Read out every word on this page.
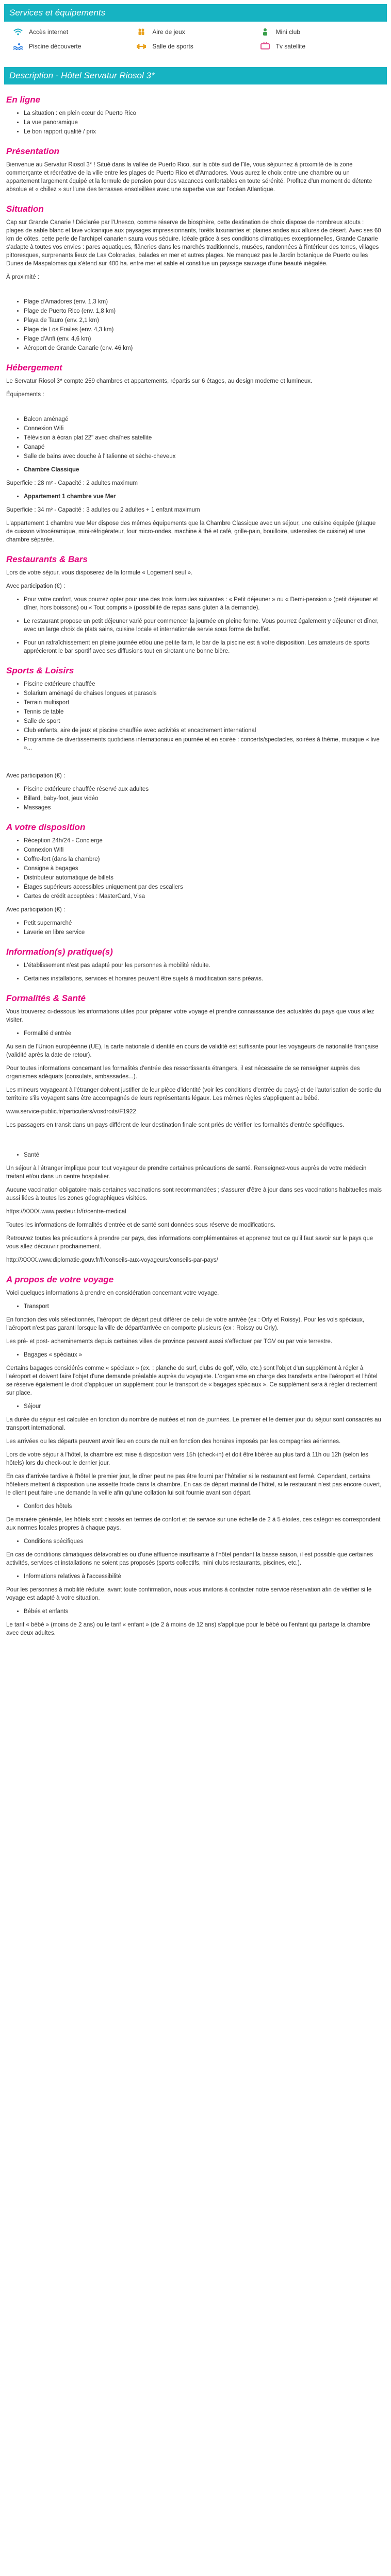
Services et équipements
Accès internet	Aire de jeux	Mini club
Piscine découverte	Salle de sports	Tv satellite
Description - Hôtel Servatur Riosol 3*
En ligne
• La situation : en plein cœur de Puerto Rico
• La vue panoramique
• Le bon rapport qualité / prix
Présentation

Bienvenue au Servatur Riosol 3* ! Situé dans la vallée de Puerto Rico, sur la côte sud de l'île, vous séjournez à proximité de la zone commerçante et récréative de la ville entre les plages de Puerto Rico et d'Amadores. Vous aurez le choix entre une chambre ou un appartement largement équipé et la formule de pension pour des vacances confortables en toute sérénité. Profitez d'un moment de détente absolue et « chillez » sur l'une des terrasses ensoleillées avec une superbe vue sur l'océan Atlantique.

Situation

Cap sur Grande Canarie ! Déclarée par l'Unesco, comme réserve de biosphère, cette destination de choix dispose de nombreux atouts : plages de sable blanc et lave volcanique aux paysages impressionnants, forêts luxuriantes et plaines arides aux allures de désert. Avec ses 60 km de côtes, cette perle de l'archipel canarien saura vous séduire. Idéale grâce à ses conditions climatiques exceptionnelles, Grande Canarie s'adapte à toutes vos envies : parcs aquatiques, flâneries dans les marchés traditionnels, musées, randonnées à l'intérieur des terres, villages pittoresques, surprenants lieux de Las Coloradas, balades en mer et autres plages. Ne manquez pas le Jardin botanique de Puerto ou les Dunes de Maspalomas qui s'étend sur 400 ha. entre mer et sable et constitue un paysage sauvage d'une beauté inégalée.

À proximité :

• Plage d'Amadores (env. 1,3 km)
• Plage de Puerto Rico (env. 1,8 km)
• Playa de Tauro (env. 2,1 km)
• Plage de Los Frailes (env. 4,3 km)
• Plage d'Anfi (env. 4,6 km)
• Aéroport de Grande Canarie (env. 46 km)
Hébergement

Le Servatur Riosol 3* compte 259 chambres et appartements, répartis sur 6 étages, au design moderne et lumineux.

Équipements :

• Balcon aménagé
• Connexion Wifi
• Télévision à écran plat 22" avec chaînes satellite
• Canapé
• Salle de bains avec douche à l'italienne et sèche-cheveux
• Chambre Classique

Superficie : 28 m² - Capacité : 2 adultes maximum

• Appartement 1 chambre vue Mer

Superficie : 34 m² - Capacité : 3 adultes ou 2 adultes + 1 enfant maximum

L'appartement 1 chambre vue Mer dispose des mêmes équipements que la Chambre Classique avec un séjour, une cuisine équipée (plaque de cuisson vitrocéramique, mini-réfrigérateur, four micro-ondes, machine à thé et café, grille-pain, bouilloire, ustensiles de cuisine) et une chambre séparée.

Restaurants & Bars

Lors de votre séjour, vous disposerez de la formule « Logement seul ».

Avec participation (€) :

• Pour votre confort, vous pourrez opter pour une des trois formules suivantes : « Petit déjeuner » ou « Demi-pension » (petit déjeuner et dîner, hors boissons) ou « Tout compris » (possibilité de repas sans gluten à la demande).
• Le restaurant propose un petit déjeuner varié pour commencer la journée en pleine forme. Vous pourrez également y déjeuner et dîner, avec un large choix de plats sains, cuisine locale et internationale servie sous forme de buffet.
• Pour un rafraîchissement en pleine journée et/ou une petite faim, le bar de la piscine est à votre disposition. Les amateurs de sports apprécieront le bar sportif avec ses diffusions tout en sirotant une bonne bière.
Sports & Loisirs
• Piscine extérieure chauffée
• Solarium aménagé de chaises longues et parasols
• Terrain multisport
• Tennis de table
• Salle de sport
• Club enfants, aire de jeux et piscine chauffée avec activités et encadrement international
• Programme de divertissements quotidiens internationaux en journée et en soirée : concerts/spectacles, soirées à thème, musique « live »...

Avec participation (€) :

• Piscine extérieure chauffée réservé aux adultes
• Billard, baby-foot, jeux vidéo
• Massages
A votre disposition
• Réception 24h/24 - Concierge
• Connexion Wifi
• Coffre-fort (dans la chambre)
• Consigne à bagages
• Distributeur automatique de billets
• Étages supérieurs accessibles uniquement par des escaliers
• Cartes de crédit acceptées : MasterCard, Visa

Avec participation (€) :

• Petit supermarché
• Laverie en libre service
Information(s) pratique(s)
• L'établissement n'est pas adapté pour les personnes à mobilité réduite.
• Certaines installations, services et horaires peuvent être sujets à modification sans préavis.
Formalités & Santé

Vous trouverez ci-dessous les informations utiles pour préparer votre voyage et prendre connaissance des actualités du pays que vous allez visiter.

• Formalité d'entrée

Au sein de l'Union européenne (UE), la carte nationale d'identité en cours de validité est suffisante pour les voyageurs de nationalité française (validité après la date de retour).

Pour toutes informations concernant les formalités d'entrée des ressortissants étrangers, il est nécessaire de se renseigner auprès des organismes adéquats (consulats, ambassades...).

Les mineurs voyageant à l'étranger doivent justifier de leur pièce d'identité (voir les conditions d'entrée du pays) et de l'autorisation de sortie du territoire s'ils voyagent sans être accompagnés de leurs représentants légaux. Les mêmes règles s'appliquent au bébé.

www.service-public.fr/particuliers/vosdroits/F1922

Les passagers en transit dans un pays différent de leur destination finale sont priés de vérifier les formalités d'entrée spécifiques.

• Santé

Un séjour à l'étranger implique pour tout voyageur de prendre certaines précautions de santé. Renseignez-vous auprès de votre médecin traitant et/ou dans un centre hospitalier.

Aucune vaccination obligatoire mais certaines vaccinations sont recommandées ; s'assurer d'être à jour dans ses vaccinations habituelles mais aussi liées à toutes les zones géographiques visitées.

https://XXXX.www.pasteur.fr/fr/centre-medical

Toutes les informations de formalités d'entrée et de santé sont données sous réserve de modifications.

Retrouvez toutes les précautions à prendre par pays, des informations complémentaires et apprenez tout ce qu'il faut savoir sur le pays que vous allez découvrir prochainement.

http://XXXX.www.diplomatie.gouv.fr/fr/conseils-aux-voyageurs/conseils-par-pays/

A propos de votre voyage

Voici quelques informations à prendre en considération concernant votre voyage.

• Transport

En fonction des vols sélectionnés, l'aéroport de départ peut différer de celui de votre arrivée (ex : Orly et Roissy). Pour les vols spéciaux, l'aéroport n'est pas garanti lorsque la ville de départ/arrivée en comporte plusieurs (ex : Roissy ou Orly).

Les pré- et post- acheminements depuis certaines villes de province peuvent aussi s'effectuer par TGV ou par voie terrestre.

• Bagages « spéciaux »

Certains bagages considérés comme « spéciaux » (ex. : planche de surf, clubs de golf, vélo, etc.) sont l'objet d'un supplément à régler à l'aéroport et doivent faire l'objet d'une demande préalable auprès du voyagiste. L'organisme en charge des transferts entre l'aéroport et l'hôtel se réserve également le droit d'appliquer un supplément pour le transport de « bagages spéciaux ». Ce supplément sera à régler directement sur place.

• Séjour

La durée du séjour est calculée en fonction du nombre de nuitées et non de journées. Le premier et le dernier jour du séjour sont consacrés au transport international.

Les arrivées ou les départs peuvent avoir lieu en cours de nuit en fonction des horaires imposés par les compagnies aériennes.

Lors de votre séjour à l'hôtel, la chambre est mise à disposition vers 15h (check-in) et doit être libérée au plus tard à 11h ou 12h (selon les hôtels) lors du check-out le dernier jour.

En cas d'arrivée tardive à l'hôtel le premier jour, le dîner peut ne pas être fourni par l'hôtelier si le restaurant est fermé. Cependant, certains hôteliers mettent à disposition une assiette froide dans la chambre. En cas de départ matinal de l'hôtel, si le restaurant n'est pas encore ouvert, le client peut faire une demande la veille afin qu'une collation lui soit fournie avant son départ.

• Confort des hôtels

De manière générale, les hôtels sont classés en termes de confort et de service sur une échelle de 2 à 5 étoiles, ces catégories correspondent aux normes locales propres à chaque pays.

• Conditions spécifiques

En cas de conditions climatiques défavorables ou d'une affluence insuffisante à l'hôtel pendant la basse saison, il est possible que certaines activités, services et installations ne soient pas proposés (sports collectifs, mini clubs restaurants, piscines, etc.).

• Informations relatives à l'accessibilité

Pour les personnes à mobilité réduite, avant toute confirmation, nous vous invitons à contacter notre service réservation afin de vérifier si le voyage est adapté à votre situation.

• Bébés et enfants

Le tarif « bébé » (moins de 2 ans) ou le tarif « enfant » (de 2 à moins de 12 ans) s'applique pour le bébé ou l'enfant qui partage la chambre avec deux adultes.
